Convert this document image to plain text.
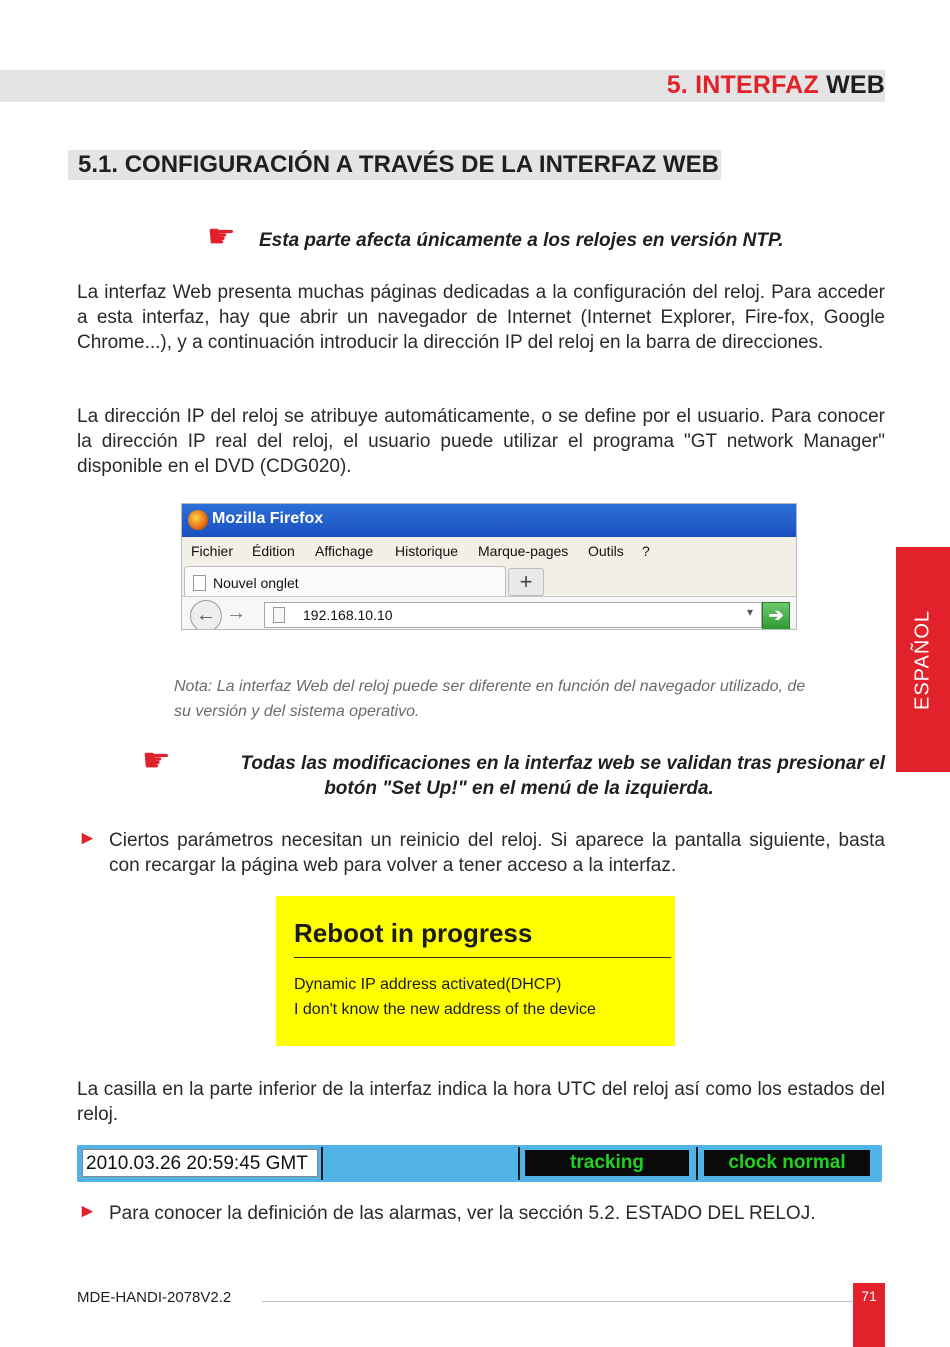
5. INTERFAZ WEB
5.1. CONFIGURACIÓN A TRAVÉS DE LA INTERFAZ WEB
☛ Esta parte afecta únicamente a los relojes en versión NTP.
La interfaz Web presenta muchas páginas dedicadas a la configuración del reloj. Para acceder a esta interfaz, hay que abrir un navegador de Internet (Internet Explorer, Fire-fox, Google Chrome...), y a continuación introducir la dirección IP del reloj en la barra de direcciones.
La dirección IP del reloj se atribuye automáticamente, o se define por el usuario. Para conocer la dirección IP real del reloj, el usuario puede utilizar el programa "GT network Manager" disponible en el DVD (CDG020).
Mozilla Firefox
Fichier Édition Affichage Historique Marque-pages Outils ?
Nouvel onglet	+
← →	192.168.10.10	▾ ➔
Nota: La interfaz Web del reloj puede ser diferente en función del navegador utilizado, de su versión y del sistema operativo.
☛	Todas las modificaciones en la interfaz web se validan tras presionar el
botón "Set Up!" en el menú de la izquierda.
► Ciertos parámetros necesitan un reinicio del reloj. Si aparece la pantalla siguiente, basta con recargar la página web para volver a tener acceso a la interfaz.
Reboot in progress
Dynamic IP address activated(DHCP)
I don't know the new address of the device
La casilla en la parte inferior de la interfaz indica la hora UTC del reloj así como los estados del reloj.
2010.03.26 20:59:45 GMT	tracking	clock normal
► Para conocer la definición de las alarmas, ver la sección 5.2. ESTADO DEL RELOJ.
ESPAÑOL
MDE-HANDI-2078V2.2	71
